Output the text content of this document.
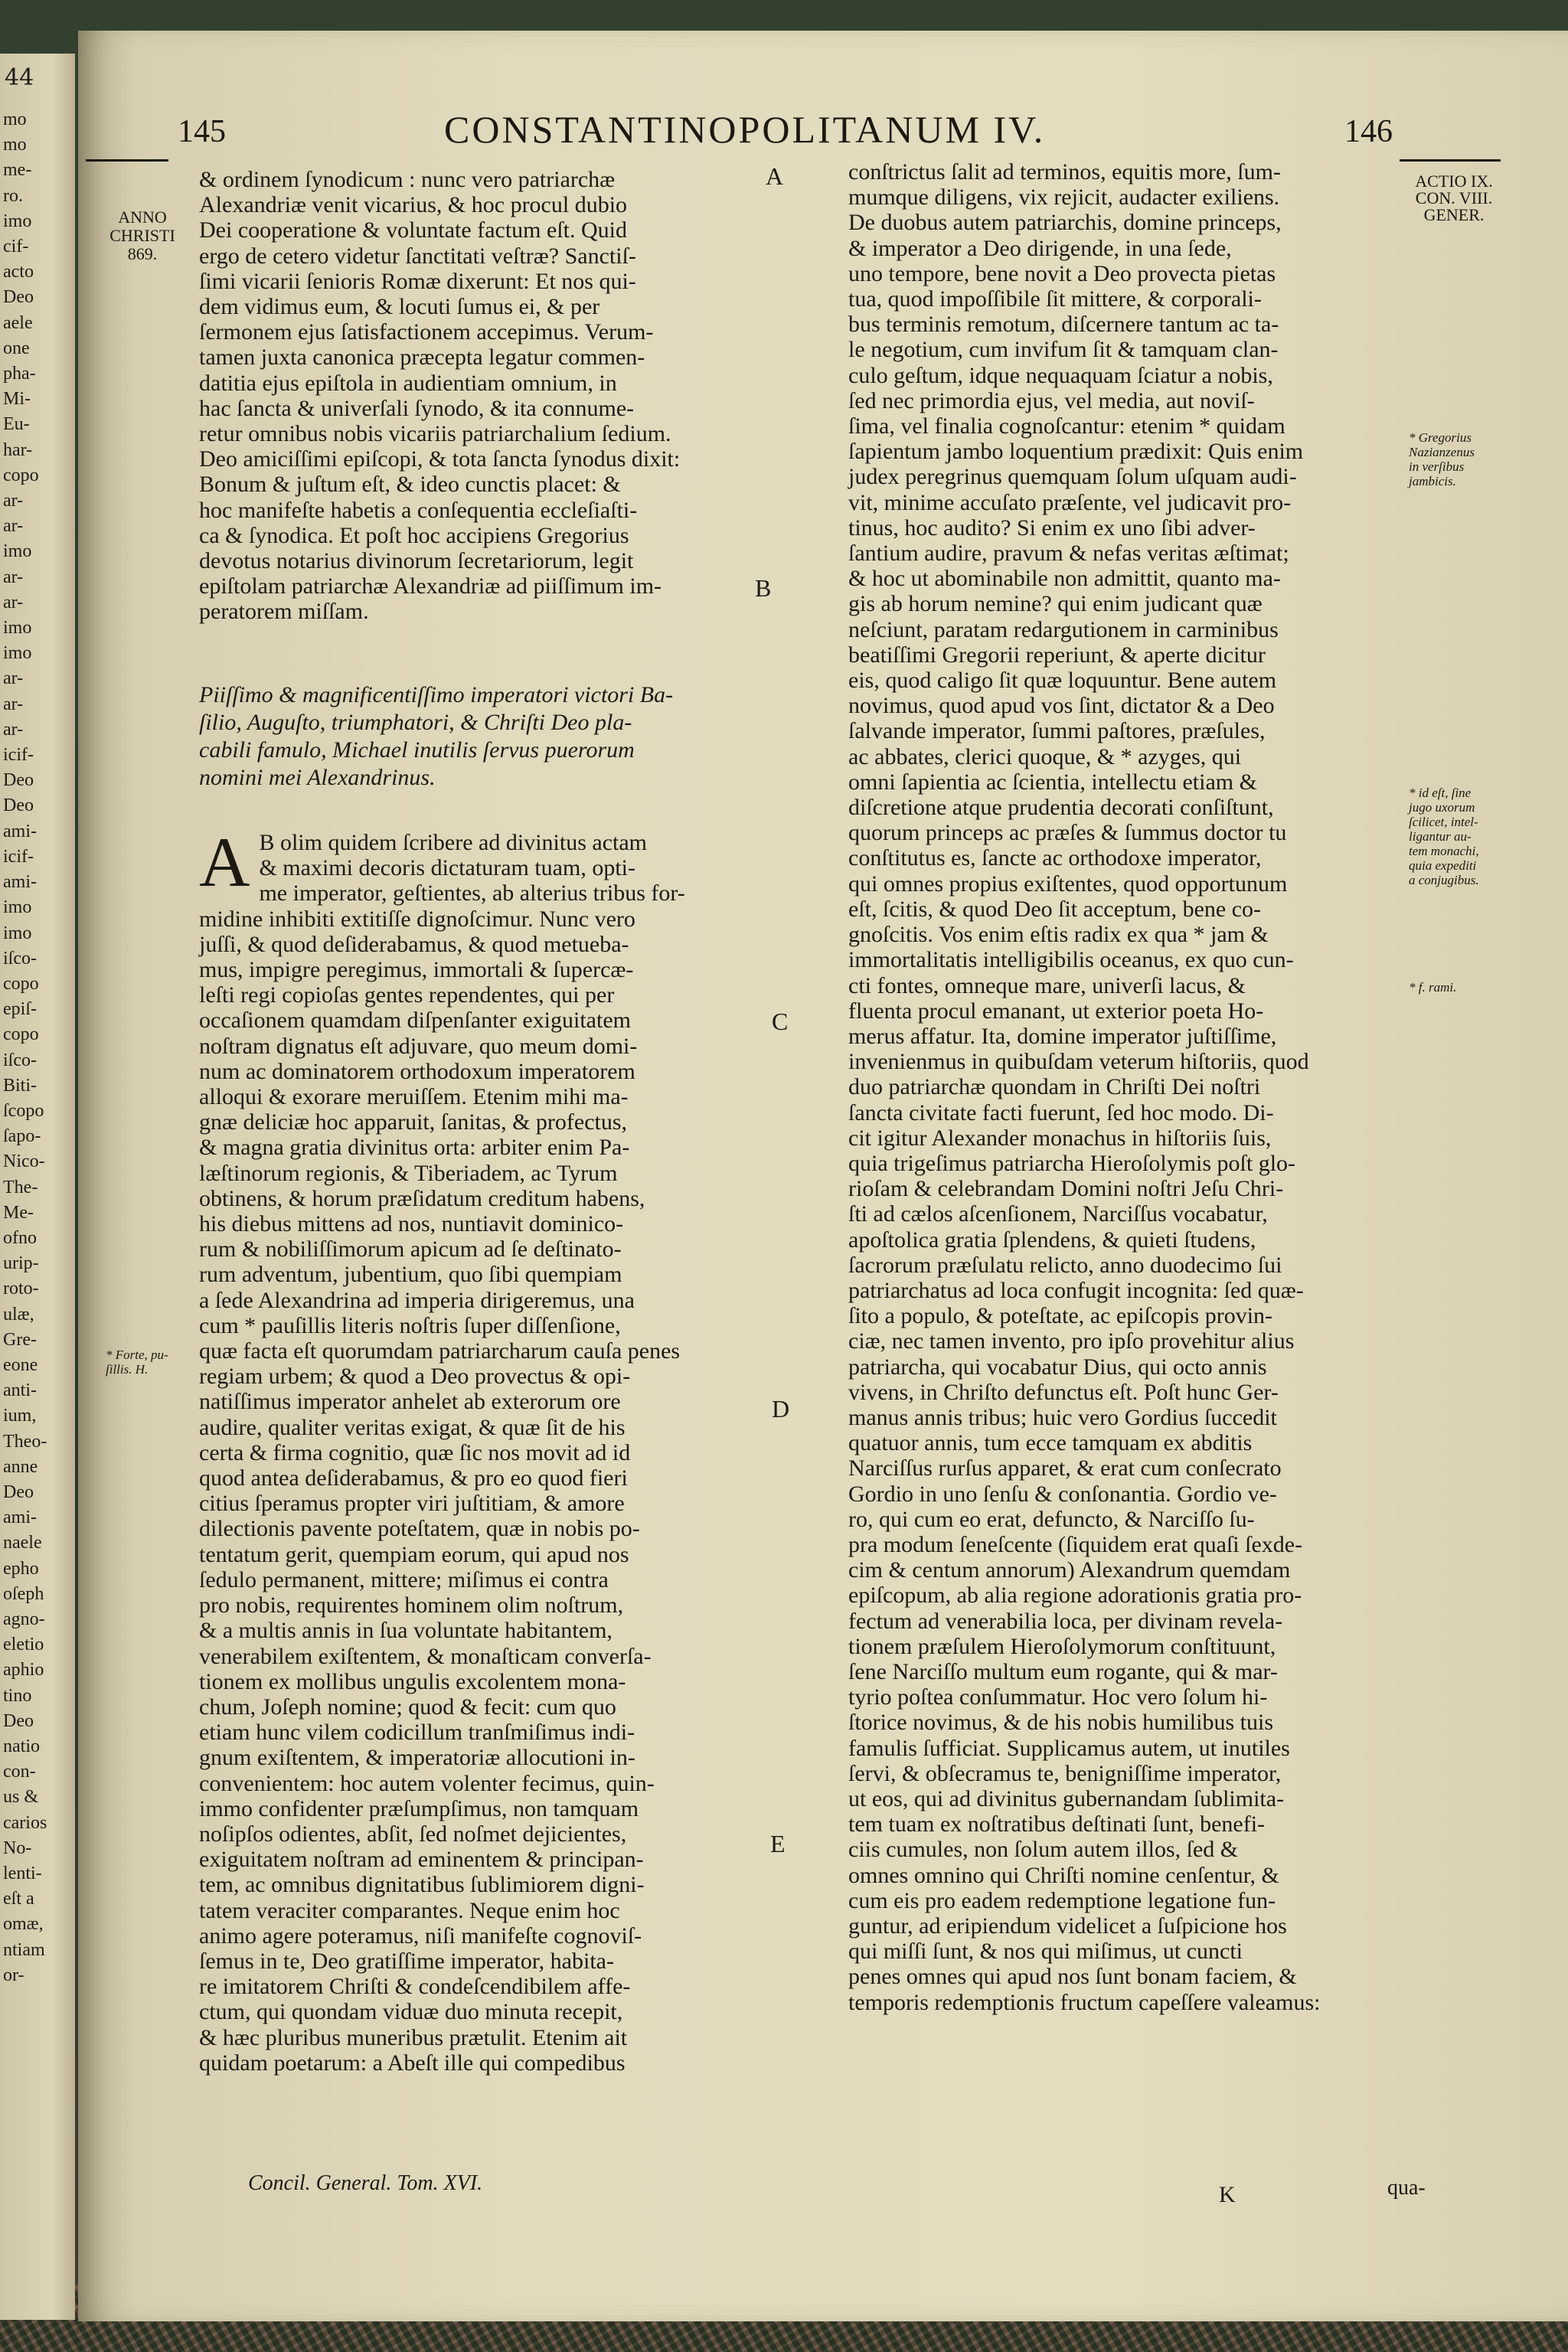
44
mo
mo
me-
ro.
imo
cif-
acto
Deo
aele
one
pha-
Mi-
Eu-
har-
copo
ar-
ar-
imo
ar-
ar-
imo
imo
ar-
ar-
ar-
icif-
Deo
Deo
ami-
icif-
ami-
imo
imo
iſco-
copo
epiſ-
copo
iſco-
Biti-
ſcopo
ſapo-
Nico-
The-
Me-
ofno
urip-
roto-
ulæ,
Gre-
eone
anti-
ium,
Theo-
anne
Deo
ami-
naele
epho
oſeph
agno-
eletio
aphio
tino
Deo
natio
con-
us &
carios
No-
lenti-
eſt a
omæ,
ntiam
or-
145	CONSTANTINOPOLITANUM IV.	146
ANNO
CHRISTI
869.
ACTIO IX.
CON. VIII.
GENER.
& ordinem ſynodicum : nunc vero patriarchæ
Alexandriæ venit vicarius, & hoc procul dubio
Dei cooperatione & voluntate factum eſt. Quid
ergo de cetero videtur ſanctitati veſtræ? Sanctiſ-
ſimi vicarii ſenioris Romæ dixerunt: Et nos qui-
dem vidimus eum, & locuti ſumus ei, & per
ſermonem ejus ſatisfactionem accepimus. Verum-
tamen juxta canonica præcepta legatur commen-
datitia ejus epiſtola in audientiam omnium, in
hac ſancta & univerſali ſynodo, & ita connume-
retur omnibus nobis vicariis patriarchalium ſedium.
Deo amiciſſimi epiſcopi, & tota ſancta ſynodus dixit:
Bonum & juſtum eſt, & ideo cunctis placet: &
hoc manifeſte habetis a conſequentia eccleſiaſti-
ca & ſynodica. Et poſt hoc accipiens Gregorius
devotus notarius divinorum ſecretariorum, legit
epiſtolam patriarchæ Alexandriæ ad piiſſimum im-
peratorem miſſam.
Piiſſimo & magnificentiſſimo imperatori victori Ba-
ſilio, Auguſto, triumphatori, & Chriſti Deo pla-
cabili famulo, Michael inutilis ſervus puerorum
nomini mei Alexandrinus.
A B olim quidem ſcribere ad divinitus actam
& maximi decoris dictaturam tuam, opti-
me imperator, geſtientes, ab alterius tribus for-
midine inhibiti extitiſſe dignoſcimur. Nunc vero
juſſi, & quod deſiderabamus, & quod metueba-
mus, impigre peregimus, immortali & ſupercæ-
leſti regi copioſas gentes rependentes, qui per
occaſionem quamdam diſpenſanter exiguitatem
noſtram dignatus eſt adjuvare, quo meum domi-
num ac dominatorem orthodoxum imperatorem
alloqui & exorare meruiſſem. Etenim mihi ma-
gnæ deliciæ hoc apparuit, ſanitas, & profectus,
& magna gratia divinitus orta: arbiter enim Pa-
læſtinorum regionis, & Tiberiadem, ac Tyrum
obtinens, & horum præſidatum creditum habens,
his diebus mittens ad nos, nuntiavit dominico-
rum & nobiliſſimorum apicum ad ſe deſtinato-
rum adventum, jubentium, quo ſibi quempiam
a ſede Alexandrina ad imperia dirigeremus, una
cum * pauſillis literis noſtris ſuper diſſenſione,
quæ facta eſt quorumdam patriarcharum cauſa penes
regiam urbem; & quod a Deo provectus & opi-
natiſſimus imperator anhelet ab exterorum ore
audire, qualiter veritas exigat, & quæ ſit de his
certa & firma cognitio, quæ ſic nos movit ad id
quod antea deſiderabamus, & pro eo quod fieri
citius ſperamus propter viri juſtitiam, & amore
dilectionis pavente poteſtatem, quæ in nobis po-
tentatum gerit, quempiam eorum, qui apud nos
ſedulo permanent, mittere; miſimus ei contra
pro nobis, requirentes hominem olim noſtrum,
& a multis annis in ſua voluntate habitantem,
venerabilem exiſtentem, & monaſticam converſa-
tionem ex mollibus ungulis excolentem mona-
chum, Joſeph nomine; quod & fecit: cum quo
etiam hunc vilem codicillum tranſmiſimus indi-
gnum exiſtentem, & imperatoriæ allocutioni in-
convenientem: hoc autem volenter fecimus, quin-
immo confidenter præſumpſimus, non tamquam
noſipſos odientes, abſit, ſed noſmet dejicientes,
exiguitatem noſtram ad eminentem & principan-
tem, ac omnibus dignitatibus ſublimiorem digni-
tatem veraciter comparantes. Neque enim hoc
animo agere poteramus, niſi manifeſte cognoviſ-
ſemus in te, Deo gratiſſime imperator, habita-
re imitatorem Chriſti & condeſcendibilem affe-
ctum, qui quondam viduæ duo minuta recepit,
& hæc pluribus muneribus prætulit. Etenim ait
quidam poetarum: a Abeſt ille qui compedibus
conſtrictus ſalit ad terminos, equitis more, ſum-
mumque diligens, vix rejicit, audacter exiliens.
De duobus autem patriarchis, domine princeps,
& imperator a Deo dirigende, in una ſede,
uno tempore, bene novit a Deo provecta pietas
tua, quod impoſſibile ſit mittere, & corporali-
bus terminis remotum, diſcernere tantum ac ta-
le negotium, cum invifum ſit & tamquam clan-
culo geſtum, idque nequaquam ſciatur a nobis,
ſed nec primordia ejus, vel media, aut noviſ-
ſima, vel finalia cognoſcantur: etenim * quidam
ſapientum jambo loquentium prædixit: Quis enim
judex peregrinus quemquam ſolum uſquam audi-
vit, minime accuſato præſente, vel judicavit pro-
tinus, hoc audito? Si enim ex uno ſibi adver-
ſantium audire, pravum & nefas veritas æſtimat;
& hoc ut abominabile non admittit, quanto ma-
gis ab horum nemine? qui enim judicant quæ
neſciunt, paratam redargutionem in carminibus
beatiſſimi Gregorii reperiunt, & aperte dicitur
eis, quod caligo ſit quæ loquuntur. Bene autem
novimus, quod apud vos ſint, dictator & a Deo
ſalvande imperator, ſummi paſtores, præſules,
ac abbates, clerici quoque, & * azyges, qui
omni ſapientia ac ſcientia, intellectu etiam &
diſcretione atque prudentia decorati conſiſtunt,
quorum princeps ac præſes & ſummus doctor tu
conſtitutus es, ſancte ac orthodoxe imperator,
qui omnes propius exiſtentes, quod opportunum
eſt, ſcitis, & quod Deo ſit acceptum, bene co-
gnoſcitis. Vos enim eſtis radix ex qua * jam &
immortalitatis intelligibilis oceanus, ex quo cun-
cti fontes, omneque mare, univerſi lacus, &
fluenta procul emanant, ut exterior poeta Ho-
merus affatur. Ita, domine imperator juſtiſſime,
invenienmus in quibuſdam veterum hiſtoriis, quod
duo patriarchæ quondam in Chriſti Dei noſtri
ſancta civitate facti fuerunt, ſed hoc modo. Di-
cit igitur Alexander monachus in hiſtoriis ſuis,
quia trigeſimus patriarcha Hieroſolymis poſt glo-
rioſam & celebrandam Domini noſtri Jeſu Chri-
ſti ad cælos aſcenſionem, Narciſſus vocabatur,
apoſtolica gratia ſplendens, & quieti ſtudens,
ſacrorum præſulatu relicto, anno duodecimo ſui
patriarchatus ad loca confugit incognita: ſed quæ-
ſito a populo, & poteſtate, ac epiſcopis provin-
ciæ, nec tamen invento, pro ipſo provehitur alius
patriarcha, qui vocabatur Dius, qui octo annis
vivens, in Chriſto defunctus eſt. Poſt hunc Ger-
manus annis tribus; huic vero Gordius ſuccedit
quatuor annis, tum ecce tamquam ex abditis
Narciſſus rurſus apparet, & erat cum conſecrato
Gordio in uno ſenſu & conſonantia. Gordio ve-
ro, qui cum eo erat, defuncto, & Narciſſo ſu-
pra modum ſeneſcente (ſiquidem erat quaſi ſexde-
cim & centum annorum) Alexandrum quemdam
epiſcopum, ab alia regione adorationis gratia pro-
fectum ad venerabilia loca, per divinam revela-
tionem præſulem Hieroſolymorum conſtituunt,
ſene Narciſſo multum eum rogante, qui & mar-
tyrio poſtea conſummatur. Hoc vero ſolum hi-
ſtorice novimus, & de his nobis humilibus tuis
famulis ſufficiat. Supplicamus autem, ut inutiles
ſervi, & obſecramus te, benigniſſime imperator,
ut eos, qui ad divinitus gubernandam ſublimita-
tem tuam ex noſtratibus deſtinati ſunt, benefi-
ciis cumules, non ſolum autem illos, ſed &
omnes omnino qui Chriſti nomine cenſentur, &
cum eis pro eadem redemptione legatione fun-
guntur, ad eripiendum videlicet a ſuſpicione hos
qui miſſi ſunt, & nos qui miſimus, ut cuncti
penes omnes qui apud nos ſunt bonam faciem, &
temporis redemptionis fructum capeſſere valeamus:
A
B
C
D
E
* Forte, pu-
ſillis. H.
* Gregorius
Nazianzenus
in verſibus
jambicis.
* id eſt, ſine
jugo uxorum
ſcilicet, intel-
ligantur au-
tem monachi,
quia expediti
a conjugibus.
* f. rami.
Concil. General. Tom. XVI.	K	qua-
